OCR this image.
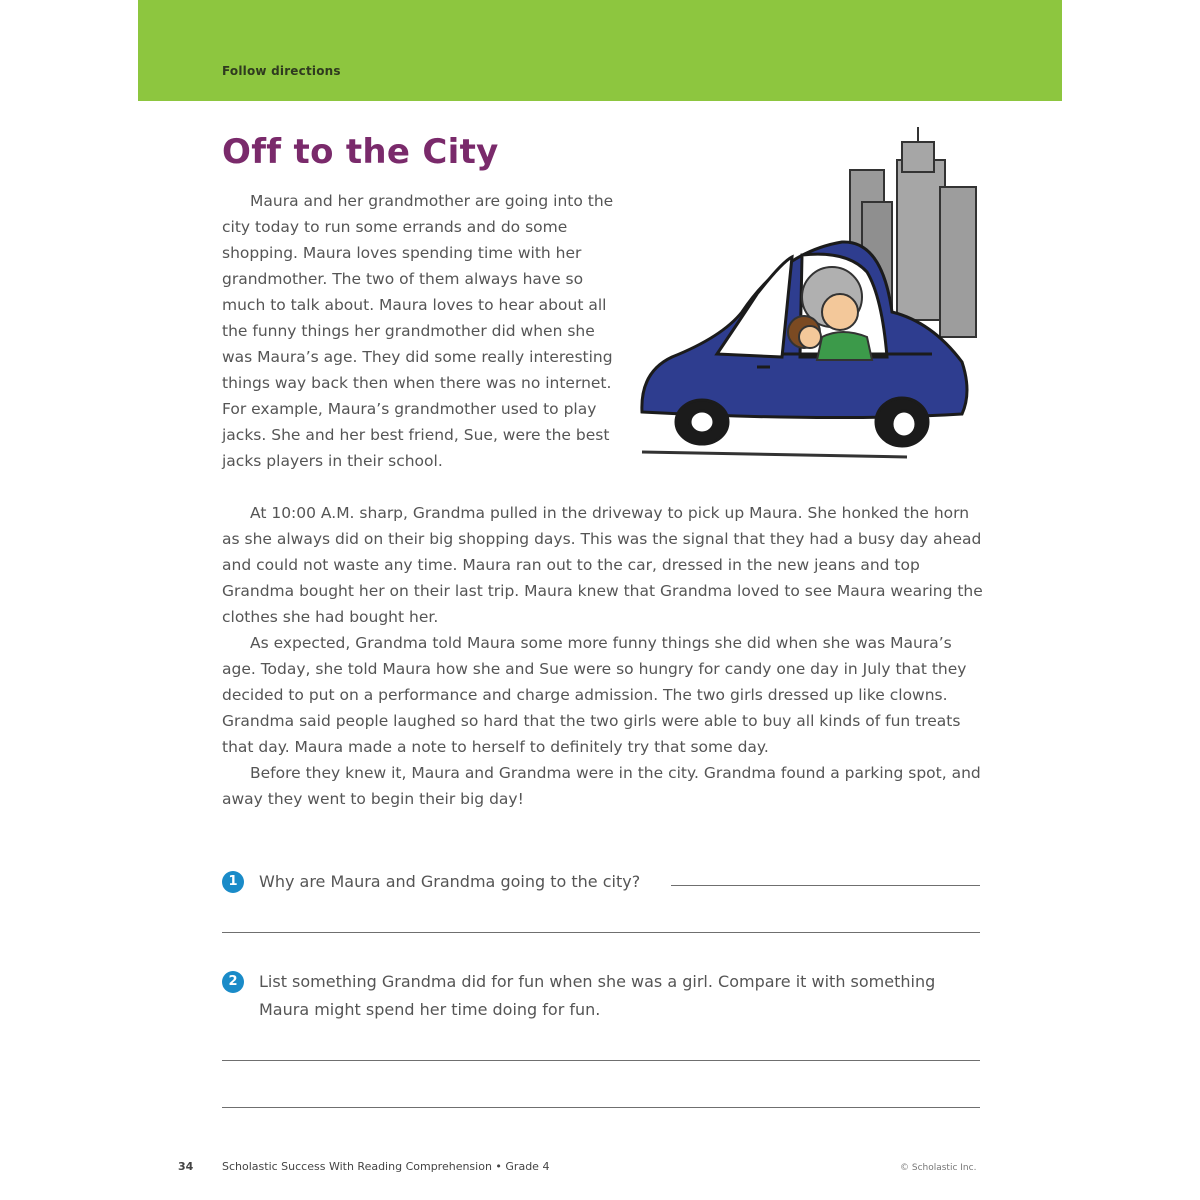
Follow directions
Off to the City

Maura and her grandmother are going into the city today to run some errands and do some shopping. Maura loves spending time with her grandmother. The two of them always have so much to talk about. Maura loves to hear about all the funny things her grandmother did when she was Maura’s age. They did some really interesting things way back then when there was no internet. For example, Maura’s grandmother used to play jacks. She and her best friend, Sue, were the best jacks players in their school.

At 10:00 A.M. sharp, Grandma pulled in the driveway to pick up Maura. She honked the horn as she always did on their big shopping days. This was the signal that they had a busy day ahead and could not waste any time. Maura ran out to the car, dressed in the new jeans and top Grandma bought her on their last trip. Maura knew that Grandma loved to see Maura wearing the clothes she had bought her.

As expected, Grandma told Maura some more funny things she did when she was Maura’s age. Today, she told Maura how she and Sue were so hungry for candy one day in July that they decided to put on a performance and charge admission. The two girls dressed up like clowns. Grandma said people laughed so hard that the two girls were able to buy all kinds of fun treats that day. Maura made a note to herself to definitely try that some day.

Before they knew it, Maura and Grandma were in the city. Grandma found a parking spot, and away they went to begin their big day!

1	Why are Maura and Grandma going to the city?
2	List something Grandma did for fun when she was a girl. Compare it with something Maura might spend her time doing for fun.
34	Scholastic Success With Reading Comprehension • Grade 4	© Scholastic Inc.
